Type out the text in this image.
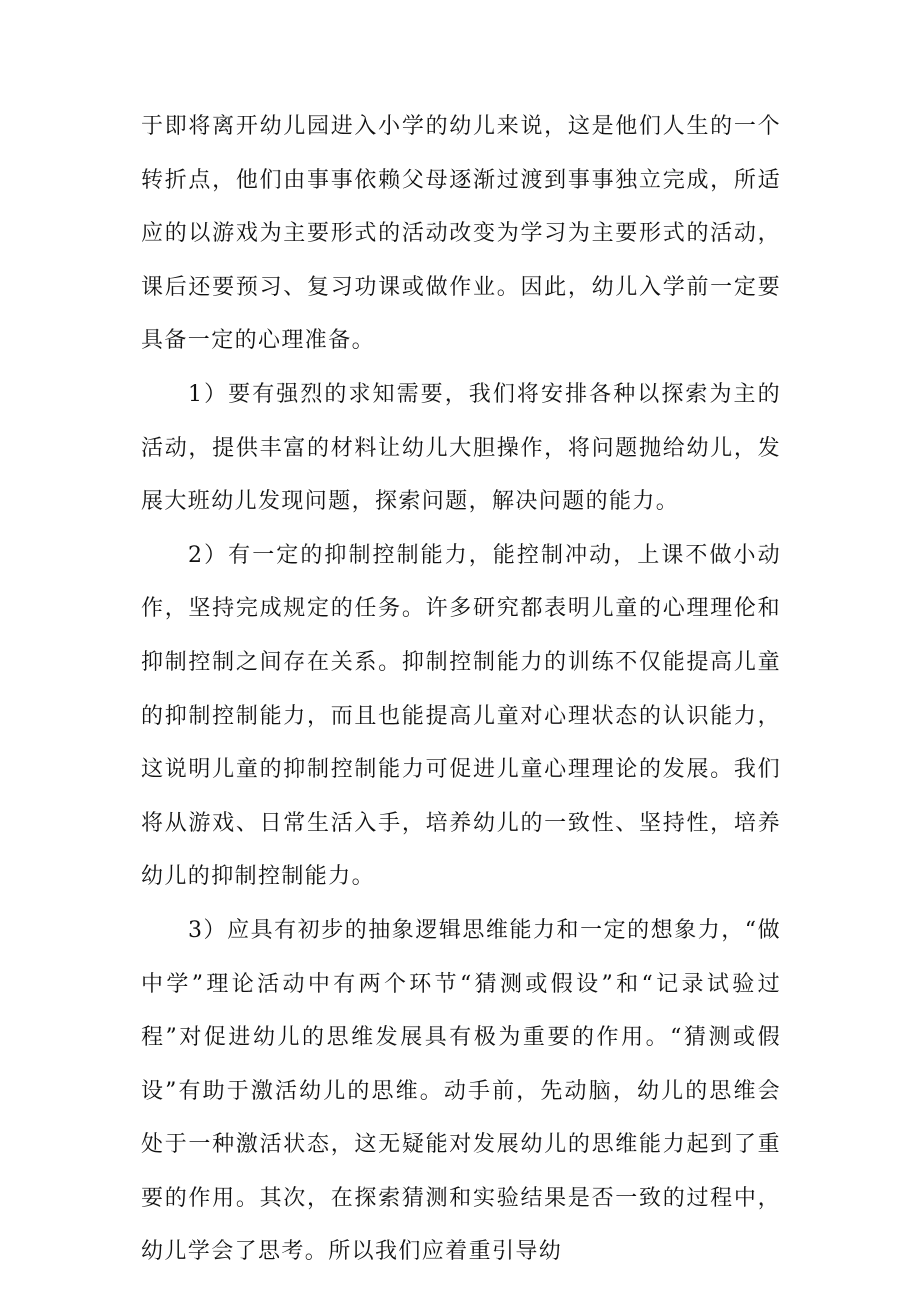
于即将离开幼儿园进入小学的幼儿来说，这是他们人生的一个转折点，他们由事事依赖父母逐渐过渡到事事独立完成，所适应的以游戏为主要形式的活动改变为学习为主要形式的活动，课后还要预习、复习功课或做作业。因此，幼儿入学前一定要具备一定的心理准备。

1）要有强烈的求知需要，我们将安排各种以探索为主的活动，提供丰富的材料让幼儿大胆操作，将问题抛给幼儿，发展大班幼儿发现问题，探索问题，解决问题的能力。

2）有一定的抑制控制能力，能控制冲动，上课不做小动作，坚持完成规定的任务。许多研究都表明儿童的心理理伦和抑制控制之间存在关系。抑制控制能力的训练不仅能提高儿童的抑制控制能力，而且也能提高儿童对心理状态的认识能力，这说明儿童的抑制控制能力可促进儿童心理理论的发展。我们将从游戏、日常生活入手，培养幼儿的一致性、坚持性，培养幼儿的抑制控制能力。

3）应具有初步的抽象逻辑思维能力和一定的想象力，“做中学”理论活动中有两个环节“猜测或假设”和“记录试验过程”对促进幼儿的思维发展具有极为重要的作用。“猜测或假设”有助于激活幼儿的思维。动手前，先动脑，幼儿的思维会处于一种激活状态，这无疑能对发展幼儿的思维能力起到了重要的作用。其次，在探索猜测和实验结果是否一致的过程中，幼儿学会了思考。所以我们应着重引导幼
